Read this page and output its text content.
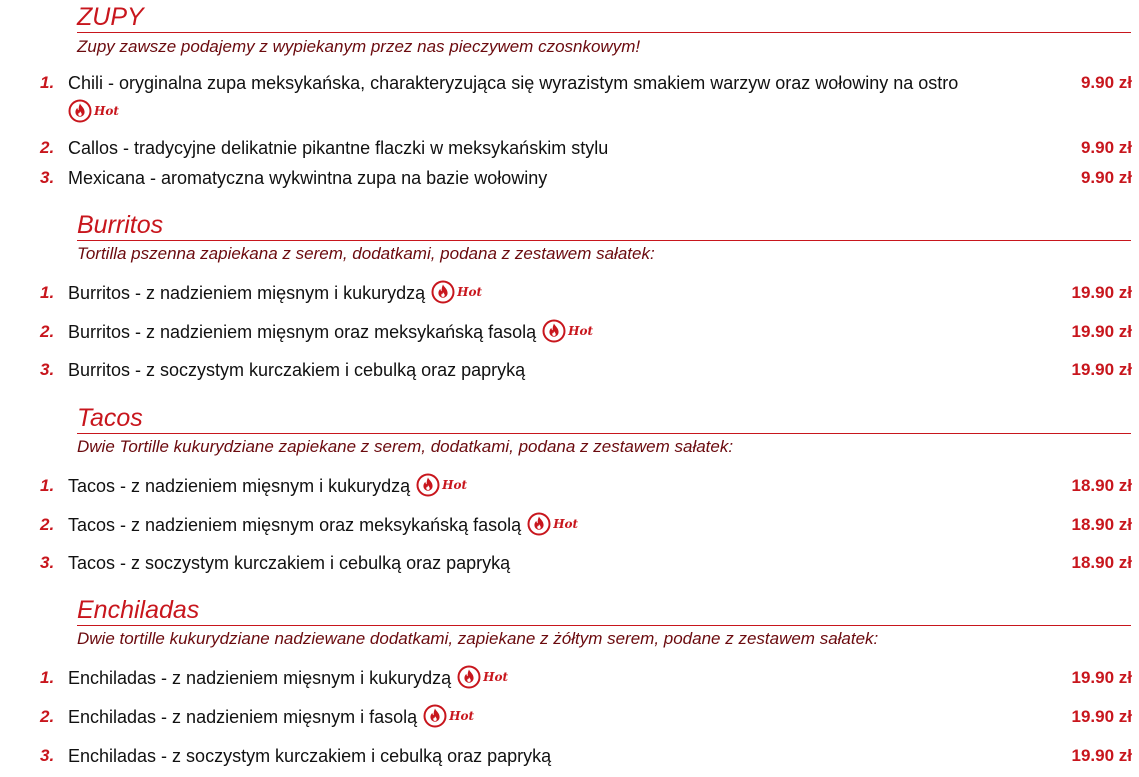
ZUPY
Zupy zawsze podajemy z wypiekanym przez nas pieczywem czosnkowym!
1. Chili - oryginalna zupa meksykańska, charakteryzująca się wyrazistym smakiem warzyw oraz wołowiny na ostro	9.90 zł
Hot
2. Callos - tradycyjne delikatnie pikantne flaczki w meksykańskim stylu	9.90 zł
3. Mexicana - aromatyczna wykwintna zupa na bazie wołowiny	9.90 zł
Burritos
Tortilla pszenna zapiekana z serem, dodatkami, podana z zestawem sałatek:
1. Burritos - z nadzieniem mięsnym i kukurydzą	Hot	19.90 zł
2. Burritos - z nadzieniem mięsnym oraz meksykańską fasolą	Hot	19.90 zł
3. Burritos - z soczystym kurczakiem i cebulką oraz papryką	19.90 zł
Tacos
Dwie Tortille kukurydziane zapiekane z serem, dodatkami, podana z zestawem sałatek:
1. Tacos - z nadzieniem mięsnym i kukurydzą	Hot	18.90 zł
2. Tacos - z nadzieniem mięsnym oraz meksykańską fasolą	Hot	18.90 zł
3. Tacos - z soczystym kurczakiem i cebulką oraz papryką	18.90 zł
Enchiladas
Dwie tortille kukurydziane nadziewane dodatkami, zapiekane z żółtym serem, podane z zestawem sałatek:
1. Enchiladas - z nadzieniem mięsnym i kukurydzą	Hot	19.90 zł
2. Enchiladas - z nadzieniem mięsnym i fasolą	Hot	19.90 zł
3. Enchiladas - z soczystym kurczakiem i cebulką oraz papryką	19.90 zł
